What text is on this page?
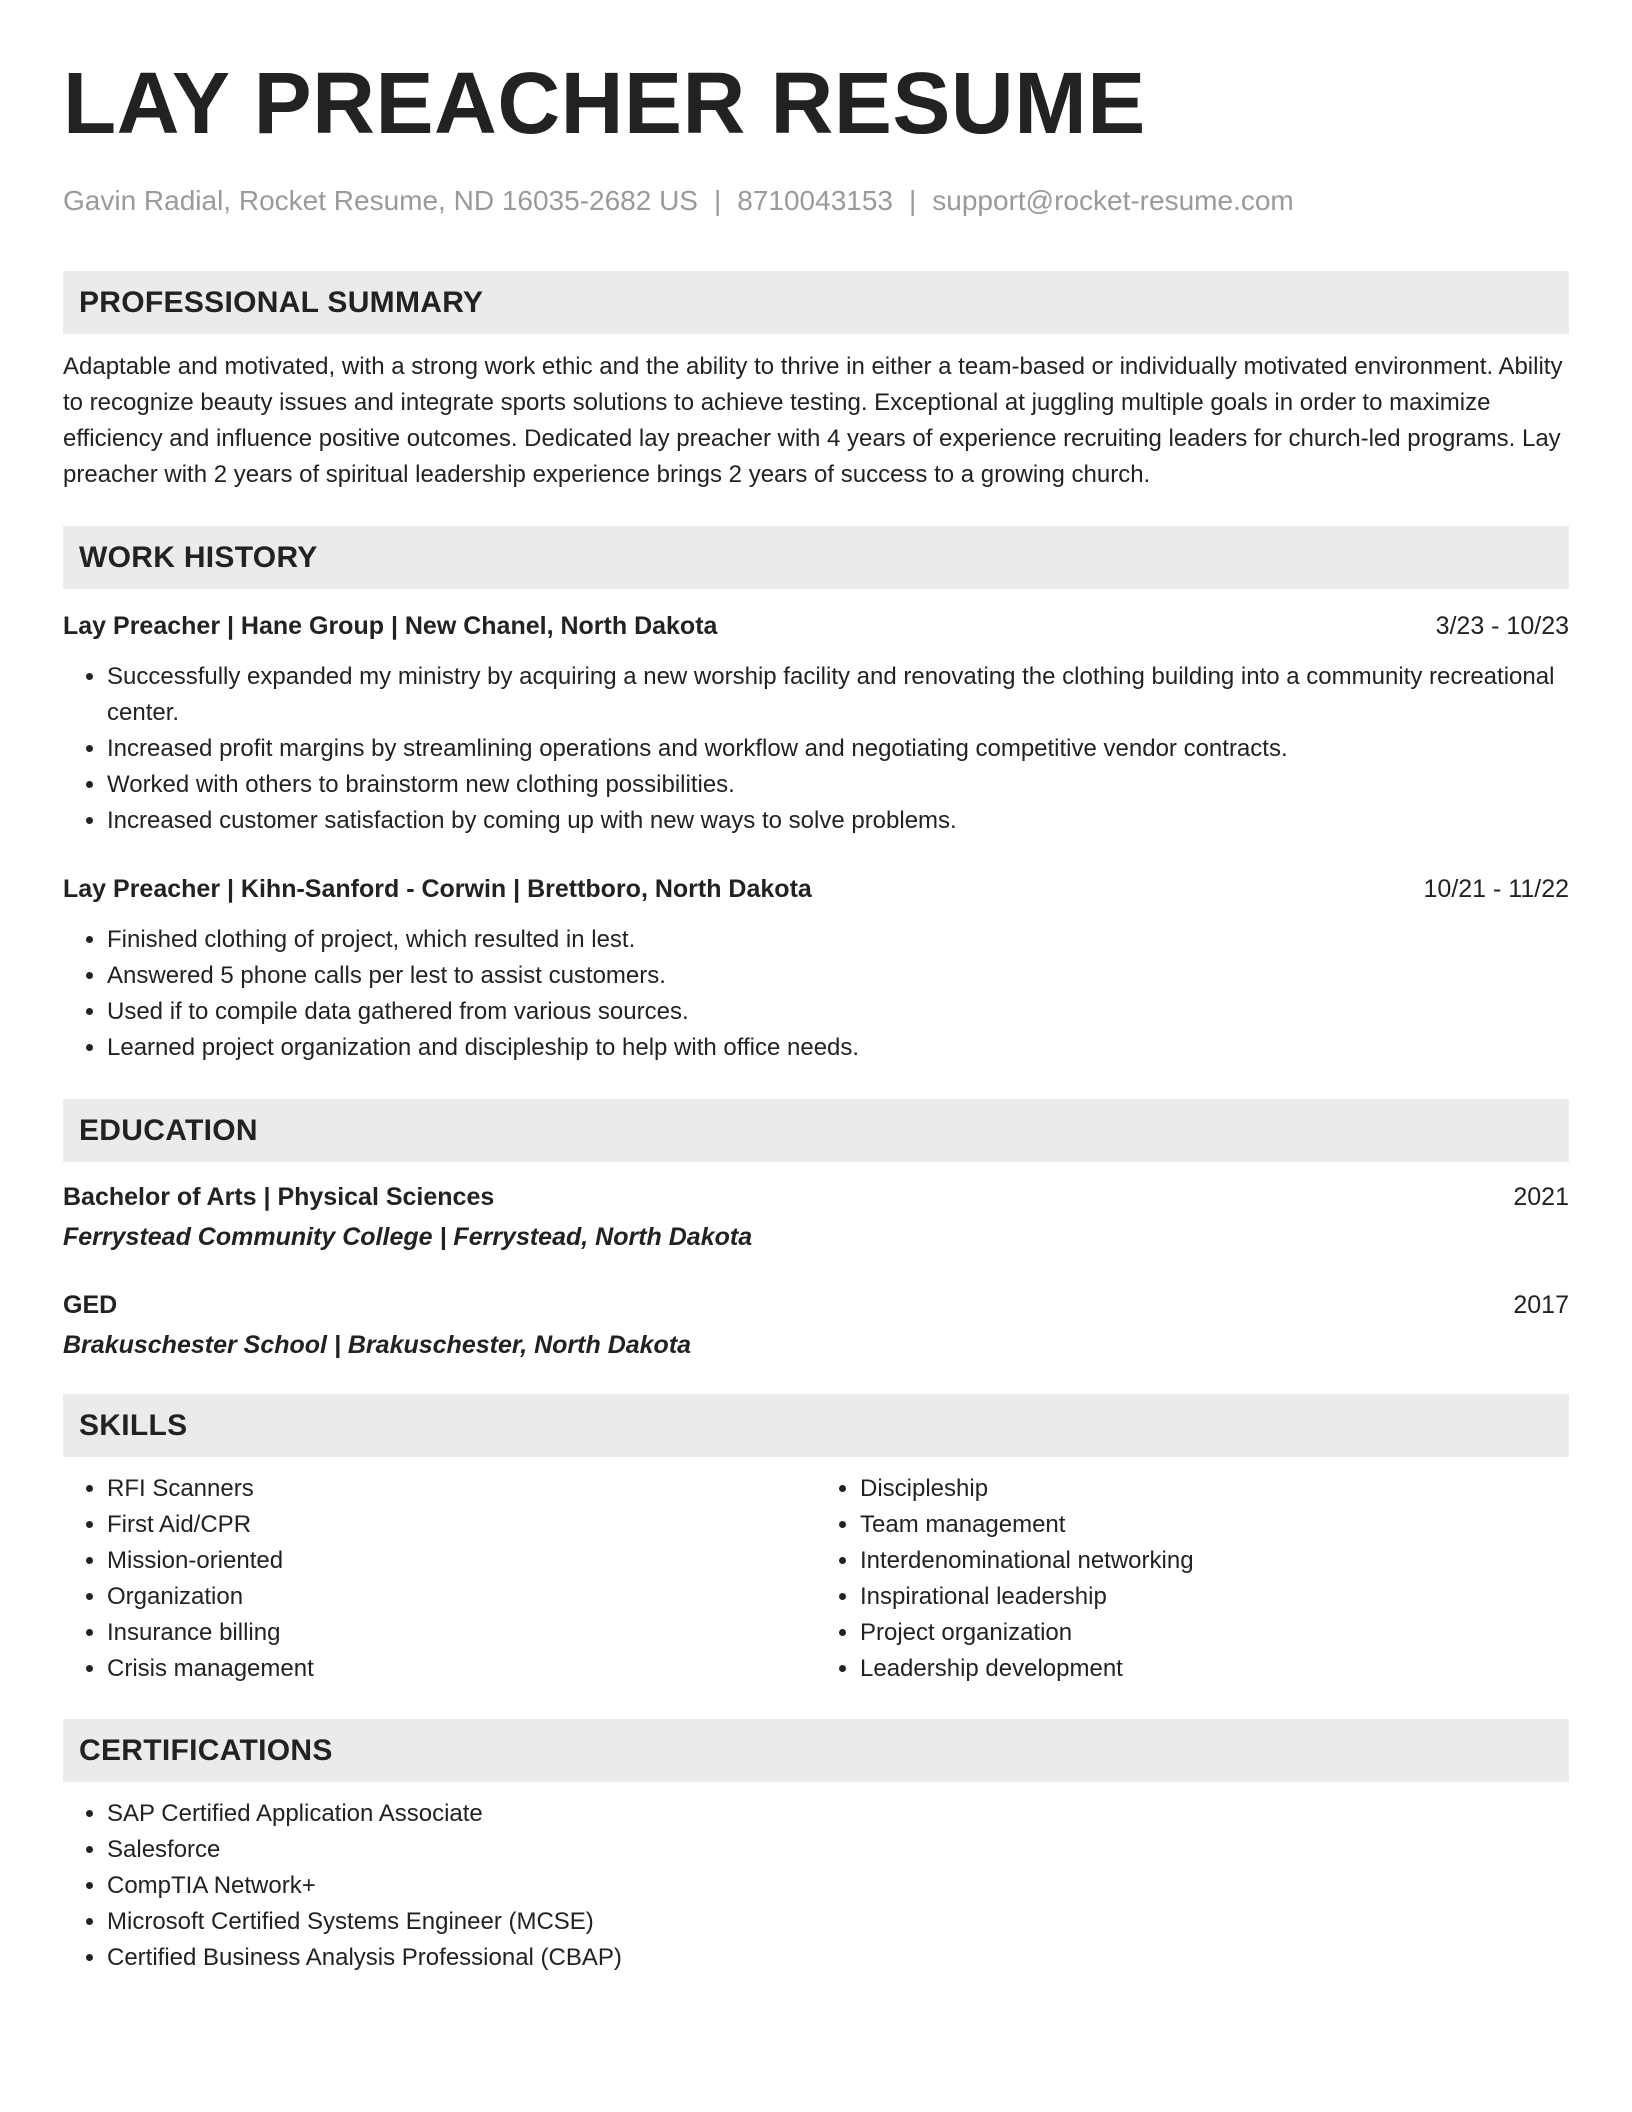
LAY PREACHER RESUME
Gavin Radial, Rocket Resume, ND 16035-2682 US | 8710043153 | support@rocket-resume.com
PROFESSIONAL SUMMARY

Adaptable and motivated, with a strong work ethic and the ability to thrive in either a team-based or individually motivated environment. Ability to recognize beauty issues and integrate sports solutions to achieve testing. Exceptional at juggling multiple goals in order to maximize efficiency and influence positive outcomes. Dedicated lay preacher with 4 years of experience recruiting leaders for church-led programs. Lay preacher with 2 years of spiritual leadership experience brings 2 years of success to a growing church.

WORK HISTORY
Lay Preacher | Hane Group | New Chanel, North Dakota	3/23 - 10/23
• Successfully expanded my ministry by acquiring a new worship facility and renovating the clothing building into a community recreational center.
• Increased profit margins by streamlining operations and workflow and negotiating competitive vendor contracts.
• Worked with others to brainstorm new clothing possibilities.
• Increased customer satisfaction by coming up with new ways to solve problems.
Lay Preacher | Kihn-Sanford - Corwin | Brettboro, North Dakota	10/21 - 11/22
• Finished clothing of project, which resulted in lest.
• Answered 5 phone calls per lest to assist customers.
• Used if to compile data gathered from various sources.
• Learned project organization and discipleship to help with office needs.
EDUCATION
Bachelor of Arts | Physical Sciences	2021
Ferrystead Community College | Ferrystead, North Dakota
GED	2017
Brakuschester School | Brakuschester, North Dakota
SKILLS
• RFI Scanners
• First Aid/CPR
• Mission-oriented
• Organization
• Insurance billing
• Crisis management
• Discipleship
• Team management
• Interdenominational networking
• Inspirational leadership
• Project organization
• Leadership development
CERTIFICATIONS
• SAP Certified Application Associate
• Salesforce
• CompTIA Network+
• Microsoft Certified Systems Engineer (MCSE)
• Certified Business Analysis Professional (CBAP)
